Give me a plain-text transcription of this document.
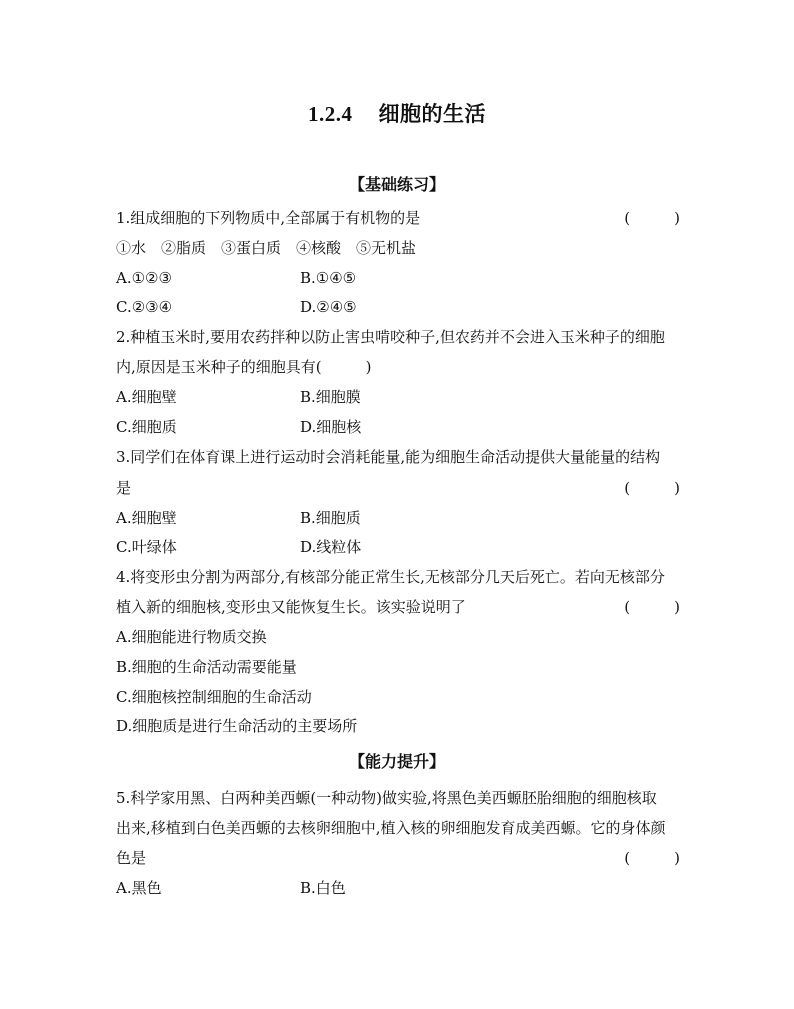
1.2.4 细胞的生活
【基础练习】
1.组成细胞的下列物质中,全部属于有机物的是	(	)
①水　②脂质　③蛋白质　④核酸　⑤无机盐
A.①②③	B.①④⑤
C.②③④	D.②④⑤
2.种植玉米时,要用农药拌种以防止害虫啃咬种子,但农药并不会进入玉米种子的细胞
内,原因是玉米种子的细胞具有(	)
A.细胞壁	B.细胞膜
C.细胞质	D.细胞核
3.同学们在体育课上进行运动时会消耗能量,能为细胞生命活动提供大量能量的结构
是	(	)
A.细胞壁	B.细胞质
C.叶绿体	D.线粒体
4.将变形虫分割为两部分,有核部分能正常生长,无核部分几天后死亡。若向无核部分
植入新的细胞核,变形虫又能恢复生长。该实验说明了	(	)
A.细胞能进行物质交换
B.细胞的生命活动需要能量
C.细胞核控制细胞的生命活动
D.细胞质是进行生命活动的主要场所
【能力提升】
5.科学家用黑、白两种美西螈(一种动物)做实验,将黑色美西螈胚胎细胞的细胞核取
出来,移植到白色美西螈的去核卵细胞中,植入核的卵细胞发育成美西螈。它的身体颜
色是	(	)
A.黑色	B.白色
